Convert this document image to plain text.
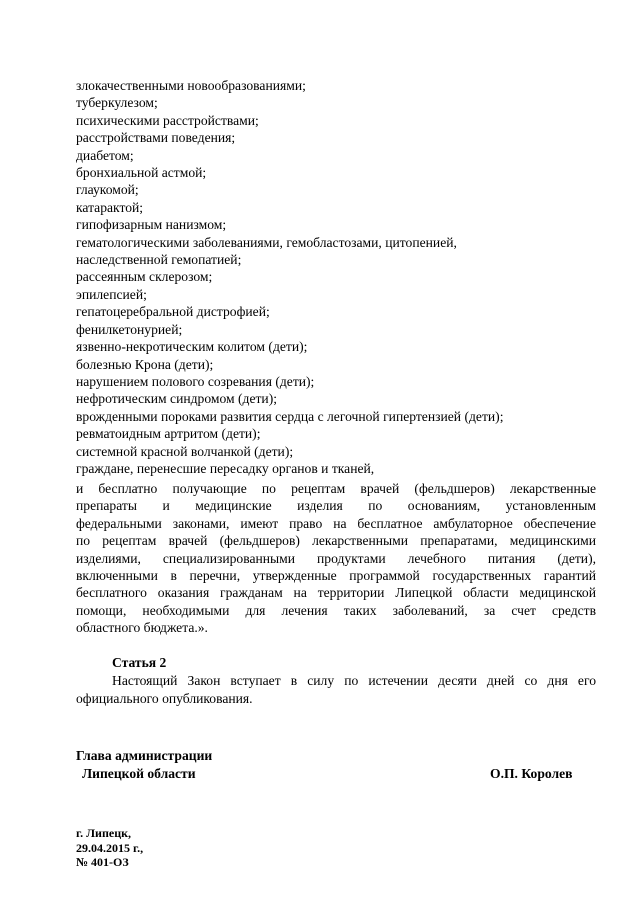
злокачественными новообразованиями;
туберкулезом;
психическими расстройствами;
расстройствами поведения;
диабетом;
бронхиальной астмой;
глаукомой;
катарактой;
гипофизарным нанизмом;
гематологическими заболеваниями, гемобластозами, цитопенией,
наследственной гемопатией;
рассеянным склерозом;
эпилепсией;
гепатоцеребральной дистрофией;
фенилкетонурией;
язвенно-некротическим колитом (дети);
болезнью Крона (дети);
нарушением полового созревания (дети);
нефротическим синдромом (дети);
врожденными пороками развития сердца с легочной гипертензией (дети);
ревматоидным артритом (дети);
системной красной волчанкой (дети);
граждане, перенесшие пересадку органов и тканей,
и бесплатно получающие по рецептам врачей (фельдшеров) лекарственные
препараты и медицинские изделия по основаниям, установленным
федеральными законами, имеют право на бесплатное амбулаторное обеспечение
по рецептам врачей (фельдшеров) лекарственными препаратами, медицинскими
изделиями, специализированными продуктами лечебного питания (дети),
включенными в перечни, утвержденные программой государственных гарантий
бесплатного оказания гражданам на территории Липецкой области медицинской
помощи, необходимыми для лечения таких заболеваний, за счет средств
областного бюджета.».
Статья 2
Настоящий Закон вступает в силу по истечении десяти дней со дня его
официального опубликования.
Глава администрации
Липецкой области	О.П. Королев
г. Липецк,
29.04.2015 г.,
№ 401-ОЗ
